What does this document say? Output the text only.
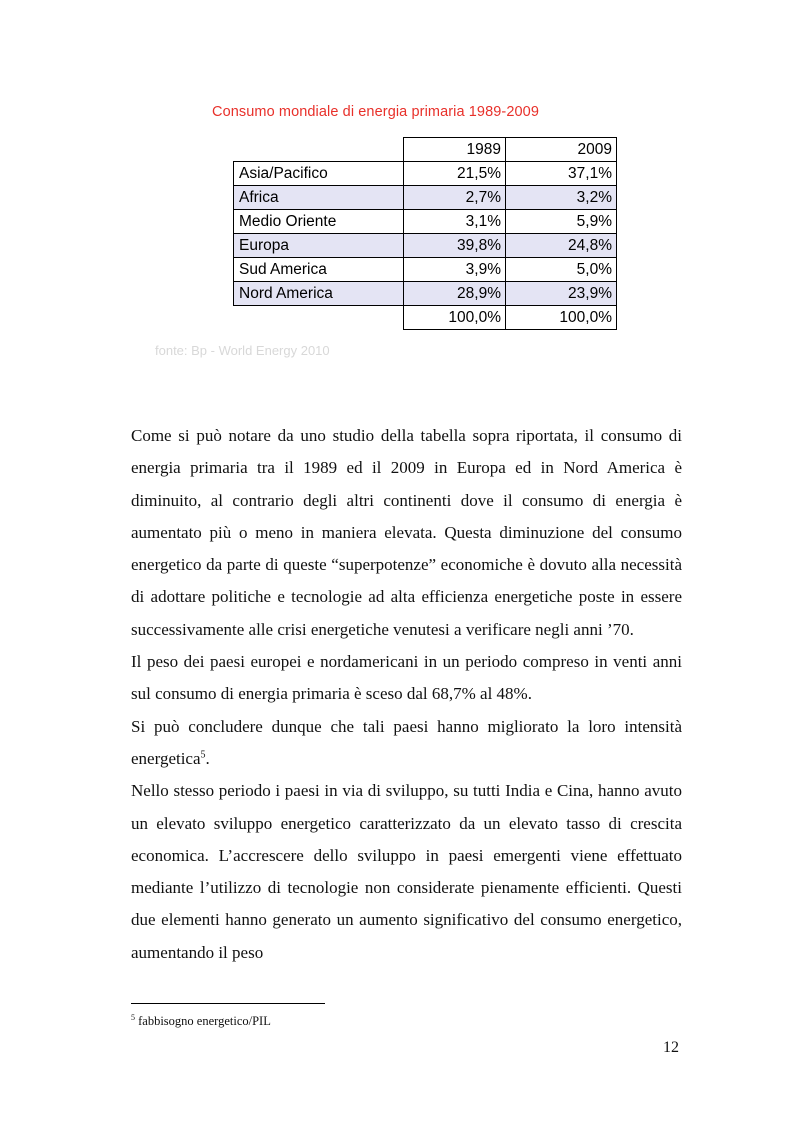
Consumo mondiale di energia primaria 1989-2009
	1989	2009
Asia/Pacifico	21,5%	37,1%
Africa	2,7%	3,2%
Medio Oriente	3,1%	5,9%
Europa	39,8%	24,8%
Sud America	3,9%	5,0%
Nord America	28,9%	23,9%
	100,0%	100,0%
fonte: Bp - World Energy 2010

Come si può notare da uno studio della tabella sopra riportata, il consumo di energia primaria tra il 1989 ed il 2009 in Europa ed in Nord America è diminuito, al contrario degli altri continenti dove il consumo di energia è aumentato più o meno in maniera elevata. Questa diminuzione del consumo energetico da parte di queste “superpotenze” economiche è dovuto alla necessità di adottare politiche e tecnologie ad alta efficienza energetiche poste in essere successivamente alle crisi energetiche venutesi a verificare negli anni ’70.

Il peso dei paesi europei e nordamericani in un periodo compreso in venti anni sul consumo di energia primaria è sceso dal 68,7% al 48%.

Si può concludere dunque che tali paesi hanno migliorato la loro intensità energetica$^5$.

Nello stesso periodo i paesi in via di sviluppo, su tutti India e Cina, hanno avuto un elevato sviluppo energetico caratterizzato da un elevato tasso di crescita economica. L’accrescere dello sviluppo in paesi emergenti viene effettuato mediante l’utilizzo di tecnologie non considerate pienamente efficienti. Questi due elementi hanno generato un aumento significativo del consumo energetico, aumentando il peso

$^5$ fabbisogno energetico/PIL
12
